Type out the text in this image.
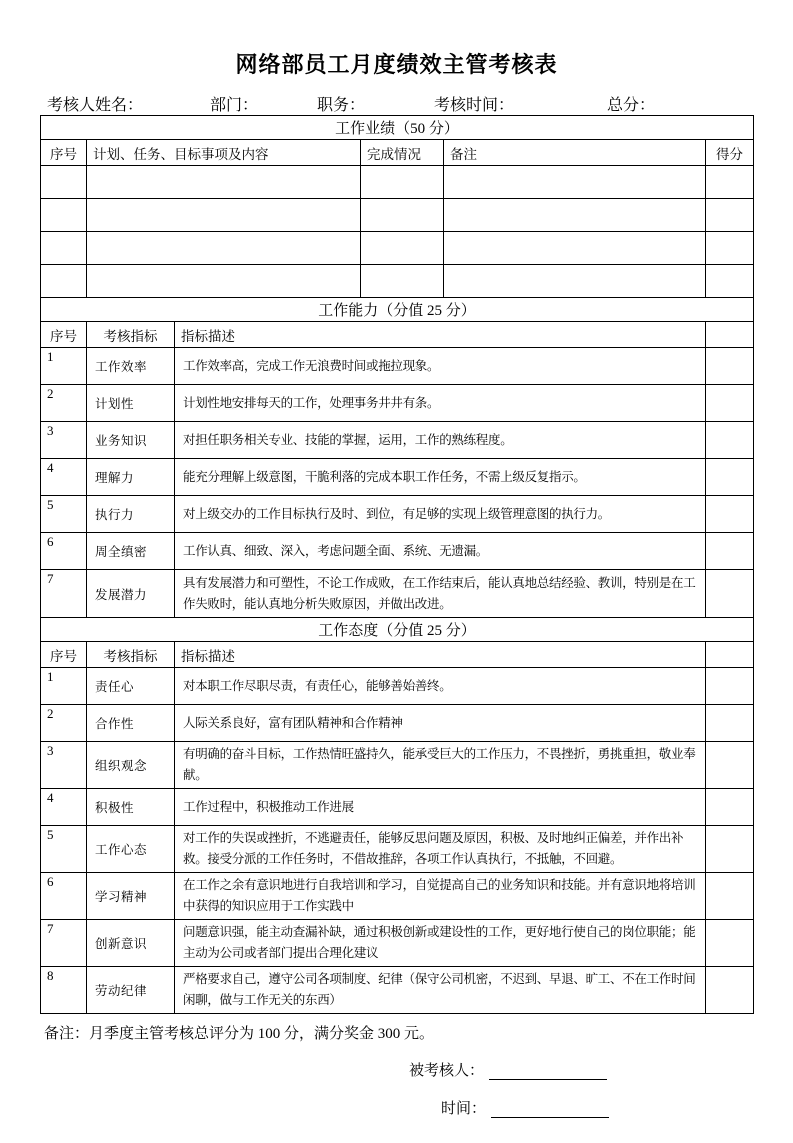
网络部员工月度绩效主管考核表
考核人姓名：	部门：	职务：	考核时间：	总分：
工作业绩（50 分）				
序号	计划、任务、目标事项及内容	完成情况	备注	得分

工作能力（分值 25 分）			
序号	考核指标	指标描述	
1	工作效率	工作效率高，完成工作无浪费时间或拖拉现象。	
2	计划性	计划性地安排每天的工作，处理事务井井有条。	
3	业务知识	对担任职务相关专业、技能的掌握，运用，工作的熟练程度。	
4	理解力	能充分理解上级意图，干脆利落的完成本职工作任务，不需上级反复指示。	
5	执行力	对上级交办的工作目标执行及时、到位，有足够的实现上级管理意图的执行力。	
6	周全缜密	工作认真、细致、深入，考虑问题全面、系统、无遗漏。	
7	发展潜力	具有发展潜力和可塑性，不论工作成败，在工作结束后，能认真地总结经验、教训，特别是在工作失败时，能认真地分析失败原因，并做出改进。	
工作态度（分值 25 分）			
序号	考核指标	指标描述	
1	责任心	对本职工作尽职尽责，有责任心，能够善始善终。	
2	合作性	人际关系良好，富有团队精神和合作精神	
3	组织观念	有明确的奋斗目标，工作热情旺盛持久，能承受巨大的工作压力，不畏挫折，勇挑重担，敬业奉献。	
4	积极性	工作过程中，积极推动工作进展	
5	工作心态	对工作的失误或挫折，不逃避责任，能够反思问题及原因，积极、及时地纠正偏差，并作出补救。接受分派的工作任务时，不借故推辞，各项工作认真执行，不抵触，不回避。	
6	学习精神	在工作之余有意识地进行自我培训和学习，自觉提高自己的业务知识和技能。并有意识地将培训中获得的知识应用于工作实践中	
7	创新意识	问题意识强，能主动查漏补缺，通过积极创新或建设性的工作，更好地行使自己的岗位职能；能主动为公司或者部门提出合理化建议	
8	劳动纪律	严格要求自己，遵守公司各项制度、纪律（保守公司机密，不迟到、早退、旷工、不在工作时间闲聊，做与工作无关的东西）	
备注：月季度主管考核总评分为 100 分，满分奖金 300 元。
被考核人：
时间：
